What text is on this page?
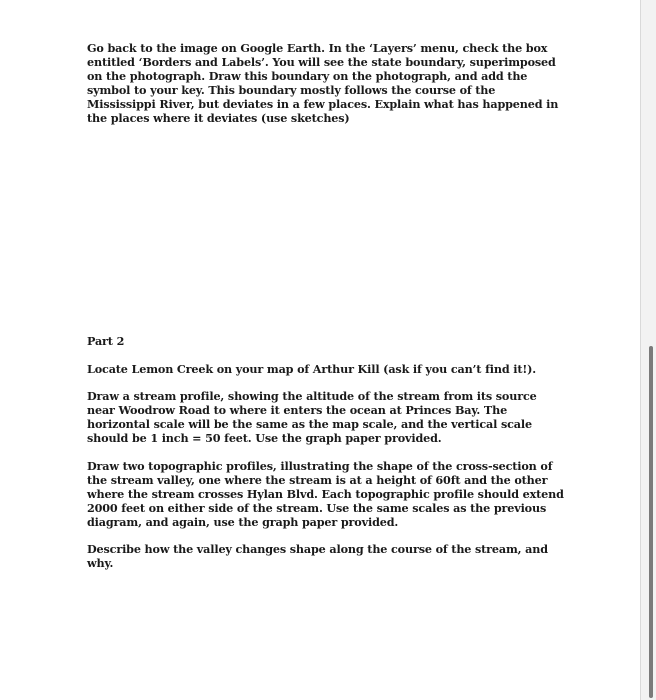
Go back to the image on Google Earth. In the ‘Layers’ menu, check the box entitled ‘Borders and Labels’. You will see the state boundary, superimposed on the photograph. Draw this boundary on the photograph, and add the symbol to your key. This boundary mostly follows the course of the Mississippi River, but deviates in a few places. Explain what has happened in the places where it deviates (use sketches)

Part 2

Locate Lemon Creek on your map of Arthur Kill (ask if you can’t find it!).

Draw a stream profile, showing the altitude of the stream from its source near Woodrow Road to where it enters the ocean at Princes Bay. The horizontal scale will be the same as the map scale, and the vertical scale should be 1 inch = 50 feet. Use the graph paper provided.

Draw two topographic profiles, illustrating the shape of the cross-section of the stream valley, one where the stream is at a height of 60ft and the other where the stream crosses Hylan Blvd. Each topographic profile should extend 2000 feet on either side of the stream. Use the same scales as the previous diagram, and again, use the graph paper provided.

Describe how the valley changes shape along the course of the stream, and why.
